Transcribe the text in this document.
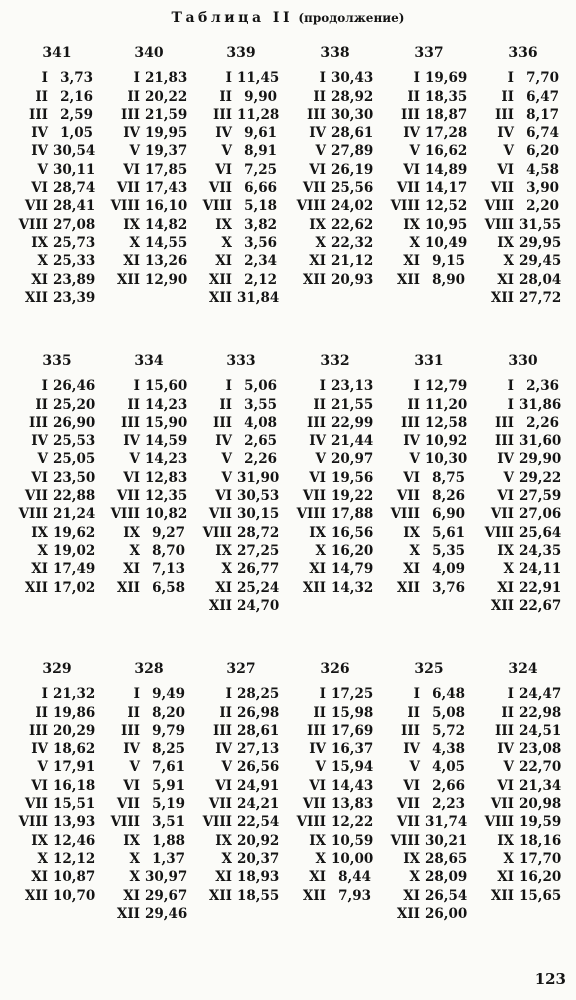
Таблица II (продолжение)
341
I 3,73
II 2,16
III 2,59
IV 1,05
IV 30,54
V 30,11
VI 28,74
VII 28,41
VIII 27,08
IX 25,73
X 25,33
XI 23,89
XII 23,39
340
I 21,83
II 20,22
III 21,59
IV 19,95
V 19,37
VI 17,85
VII 17,43
VIII 16,10
IX 14,82
X 14,55
XI 13,26
XII 12,90
339
I 11,45
II 9,90
III 11,28
IV 9,61
V 8,91
VI 7,25
VII 6,66
VIII 5,18
IX 3,82
X 3,56
XI 2,34
XII 2,12
XII 31,84
338
I 30,43
II 28,92
III 30,30
IV 28,61
V 27,89
VI 26,19
VII 25,56
VIII 24,02
IX 22,62
X 22,32
XI 21,12
XII 20,93
337
I 19,69
II 18,35
III 18,87
IV 17,28
V 16,62
VI 14,89
VII 14,17
VIII 12,52
IX 10,95
X 10,49
XI 9,15
XII 8,90
336
I 7,70
II 6,47
III 8,17
IV 6,74
V 6,20
VI 4,58
VII 3,90
VIII 2,20
VIII 31,55
IX 29,95
X 29,45
XI 28,04
XII 27,72
335
I 26,46
II 25,20
III 26,90
IV 25,53
V 25,05
VI 23,50
VII 22,88
VIII 21,24
IX 19,62
X 19,02
XI 17,49
XII 17,02
334
I 15,60
II 14,23
III 15,90
IV 14,59
V 14,23
VI 12,83
VII 12,35
VIII 10,82
IX 9,27
X 8,70
XI 7,13
XII 6,58
333
I 5,06
II 3,55
III 4,08
IV 2,65
V 2,26
V 31,90
VI 30,53
VII 30,15
VIII 28,72
IX 27,25
X 26,77
XI 25,24
XII 24,70
332
I 23,13
II 21,55
III 22,99
IV 21,44
V 20,97
VI 19,56
VII 19,22
VIII 17,88
IX 16,56
X 16,20
XI 14,79
XII 14,32
331
I 12,79
II 11,20
III 12,58
IV 10,92
V 10,30
VI 8,75
VII 8,26
VIII 6,90
IX 5,61
X 5,35
XI 4,09
XII 3,76
330
I 2,36
I 31,86
III 2,26
III 31,60
IV 29,90
V 29,22
VI 27,59
VII 27,06
VIII 25,64
IX 24,35
X 24,11
XI 22,91
XII 22,67
329
I 21,32
II 19,86
III 20,29
IV 18,62
V 17,91
VI 16,18
VII 15,51
VIII 13,93
IX 12,46
X 12,12
XI 10,87
XII 10,70
328
I 9,49
II 8,20
III 9,79
IV 8,25
V 7,61
VI 5,91
VII 5,19
VIII 3,51
IX 1,88
X 1,37
X 30,97
XI 29,67
XII 29,46
327
I 28,25
II 26,98
III 28,61
IV 27,13
V 26,56
VI 24,91
VII 24,21
VIII 22,54
IX 20,92
X 20,37
XI 18,93
XII 18,55
326
I 17,25
II 15,98
III 17,69
IV 16,37
V 15,94
VI 14,43
VII 13,83
VIII 12,22
IX 10,59
X 10,00
XI 8,44
XII 7,93
325
I 6,48
II 5,08
III 5,72
IV 4,38
V 4,05
VI 2,66
VII 2,23
VII 31,74
VIII 30,21
IX 28,65
X 28,09
XI 26,54
XII 26,00
324
I 24,47
II 22,98
III 24,51
IV 23,08
V 22,70
VI 21,34
VII 20,98
VIII 19,59
IX 18,16
X 17,70
XI 16,20
XII 15,65
123
